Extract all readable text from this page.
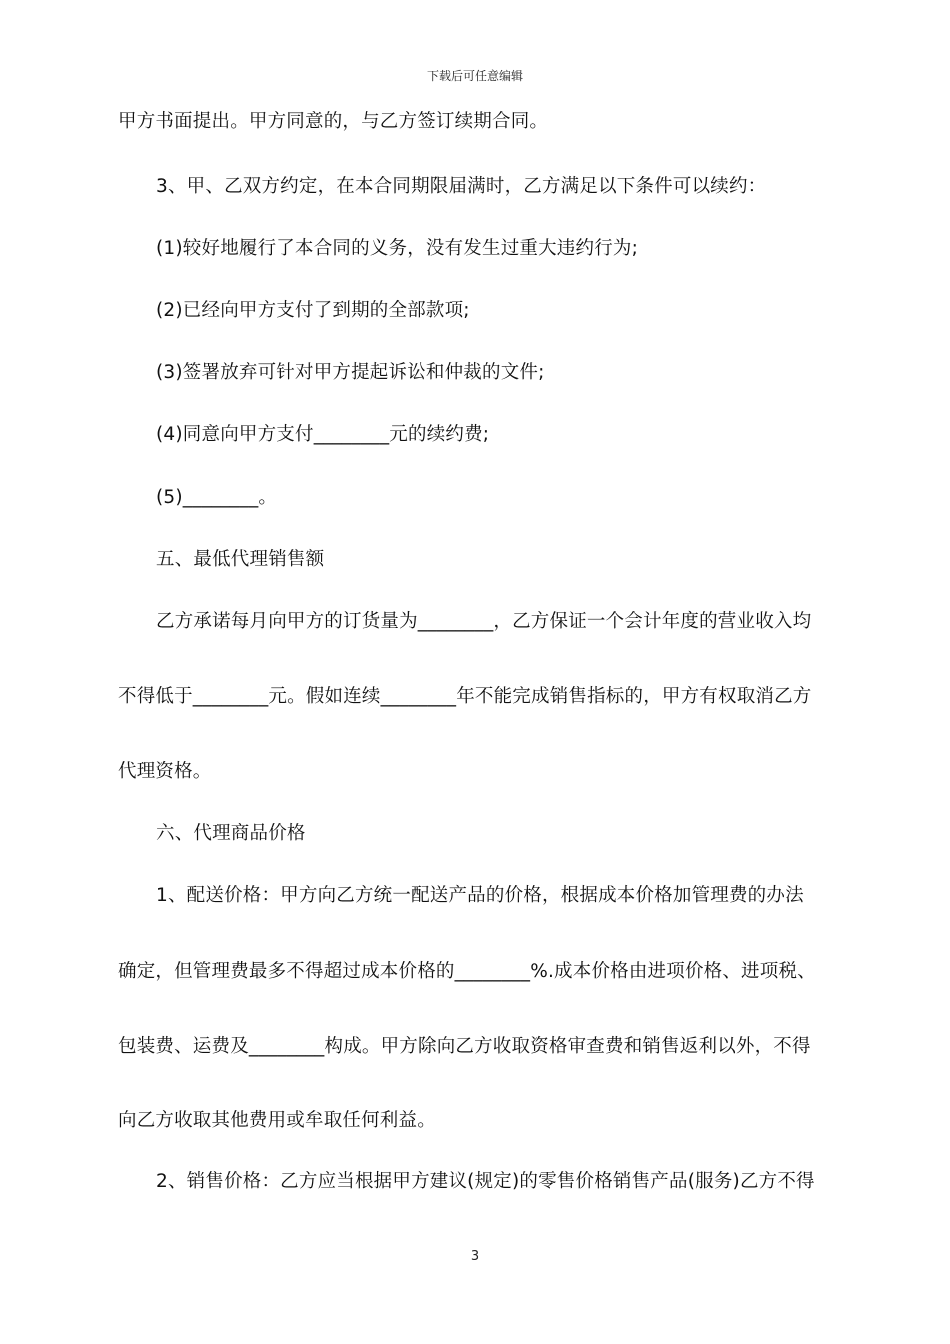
下载后可任意编辑
甲方书面提出。甲方同意的，与乙方签订续期合同。
3、甲、乙双方约定，在本合同期限届满时，乙方满足以下条件可以续约：
(1)较好地履行了本合同的义务，没有发生过重大违约行为;
(2)已经向甲方支付了到期的全部款项;
(3)签署放弃可针对甲方提起诉讼和仲裁的文件;
(4)同意向甲方支付________元的续约费;
(5)________。
五、最低代理销售额
乙方承诺每月向甲方的订货量为________，乙方保证一个会计年度的营业收入均
不得低于________元。假如连续________年不能完成销售指标的，甲方有权取消乙方
代理资格。
六、代理商品价格
1、配送价格：甲方向乙方统一配送产品的价格，根据成本价格加管理费的办法
确定，但管理费最多不得超过成本价格的________%.成本价格由进项价格、进项税、
包装费、运费及________构成。甲方除向乙方收取资格审查费和销售返利以外，不得
向乙方收取其他费用或牟取任何利益。
2、销售价格：乙方应当根据甲方建议(规定)的零售价格销售产品(服务)乙方不得
3
